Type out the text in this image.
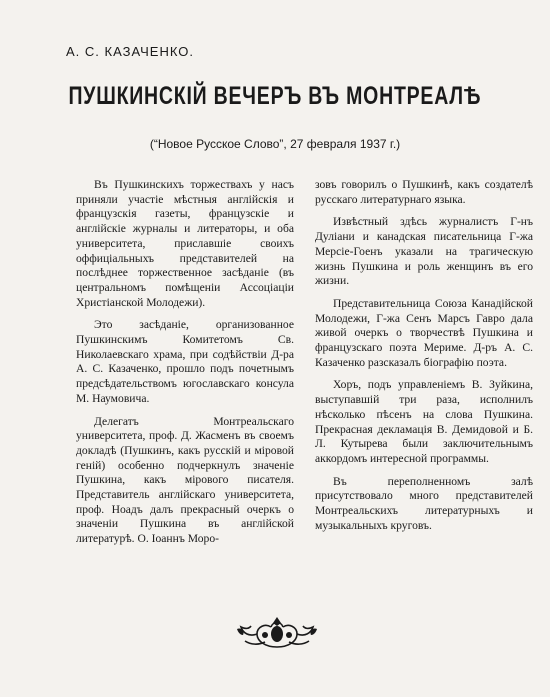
А. С. КАЗАЧЕНКО.
ПУШКИНСКIЙ ВЕЧЕРЪ ВЪ МОНТРЕАЛѢ
(“Новое Русское Слово”, 27 февраля 1937 г.)

Въ Пушкинскихъ торжествахъ у насъ приняли участiе мѣстныя англiйскiя и французскiя газеты, французскiе и англiйскiе журналы и литераторы, и оба университета, приславшiе своихъ оффицiальныхъ представителей на послѣднее торжественное засѣданiе (въ центральномъ помѣщенiи Ассоцiацiи Христiанской Молодежи).

Это засѣданiе, организованное Пушкинскимъ Комитетомъ Св. Николаевскаго храма, при содѣйствiи Д-ра А. С. Казаченко, прошло подъ почетнымъ предсѣдательствомъ югославскаго консула М. Наумовича.

Делегатъ Монтреальскаго университета, проф. Д. Жасменъ въ своемъ докладѣ (Пушкинъ, какъ русскiй и мiровой генiй) особенно подчеркнулъ значенiе Пушкина, какъ мiрового писателя. Представитель англiйскаго университета, проф. Ноадъ далъ прекрасный очеркъ о значенiи Пушкина въ англiйской литературѣ. О. Iоаннъ Моро-

зовъ говорилъ о Пушкинѣ, какъ создателѣ русскаго литературнаго языка.

Извѣстный здѣсь журналистъ Г-нъ Дулiани и канадская писательница Г-жа Мерсiе-Гоенъ указали на трагическую жизнь Пушкина и роль женщинъ въ его жизни.

Представительница Союза Канадiйской Молодежи, Г-жа Сенъ Марсъ Гавро дала живой очеркъ о творчествѣ Пушкина и французскаго поэта Мериме. Д-ръ А. С. Казаченко разсказалъ бiографiю поэта.

Хоръ, подъ управленiемъ В. Зуйкина, выступавшiй три раза, исполнилъ нѣсколько пѣсенъ на слова Пушкина. Прекрасная декламацiя В. Демидовой и Б. Л. Кутырева были заключительнымъ аккордомъ интересной программы.

Въ переполненномъ залѣ присутствовало много представителей Монтреальскихъ литературныхъ и музыкальныхъ круговъ.
